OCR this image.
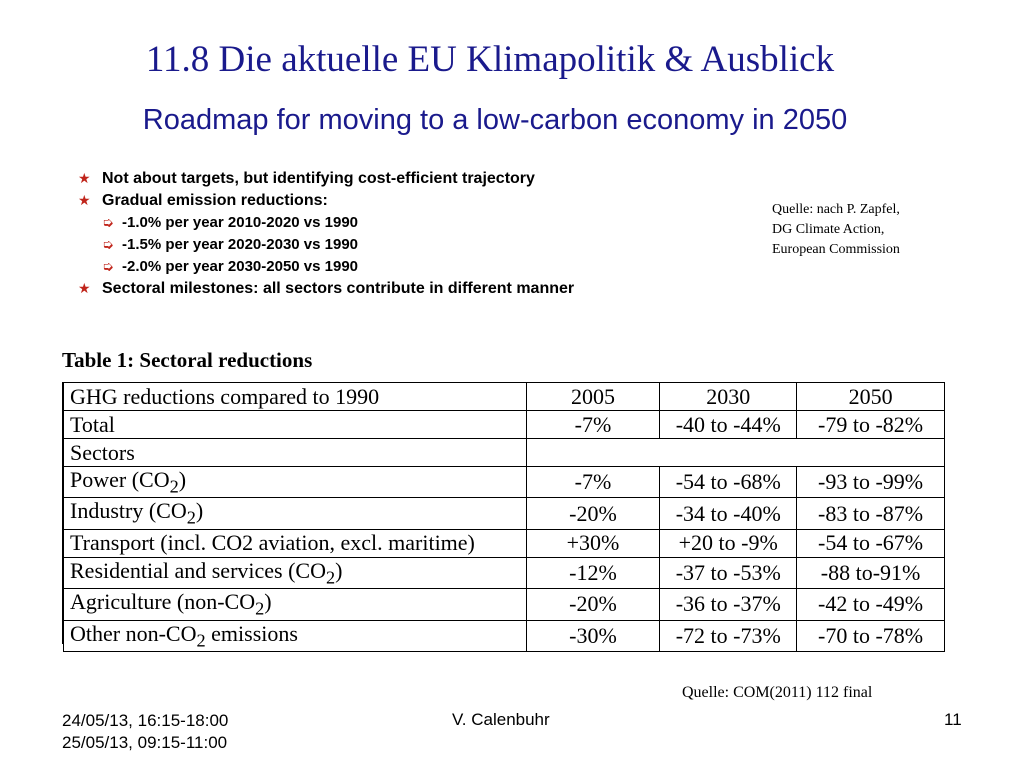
11.8 Die aktuelle EU Klimapolitik & Ausblick
Roadmap for moving to a low-carbon economy in 2050
★ Not about targets, but identifying cost-efficient trajectory
★ Gradual emission reductions:
➭ -1.0% per year 2010-2020 vs 1990
➭ -1.5% per year 2020-2030 vs 1990
➭ -2.0% per year 2030-2050 vs 1990
★ Sectoral milestones: all sectors contribute in different manner
Quelle: nach P. Zapfel,
DG Climate Action,
European Commission
Table 1: Sectoral reductions
GHG reductions compared to 1990	2005	2030	2050
Total	-7%	-40 to -44%	-79 to -82%
Sectors			
Power $(CO_2)$	-7%	-54 to -68%	-93 to -99%
Industry $(CO_2)$	-20%	-34 to -40%	-83 to -87%
Transport (incl. CO2 aviation, excl. maritime)	+30%	+20 to -9%	-54 to -67%
Residential and services $(CO_2)$	-12%	-37 to -53%	-88 to-91%
Agriculture $(non-CO_2)$	-20%	-36 to -37%	-42 to -49%
Other non-$CO_2$ emissions	-30%	-72 to -73%	-70 to -78%
Quelle: COM(2011) 112 final
24/05/13, 16:15-18:00
25/05/13, 09:15-11:00
V. Calenbuhr	11
